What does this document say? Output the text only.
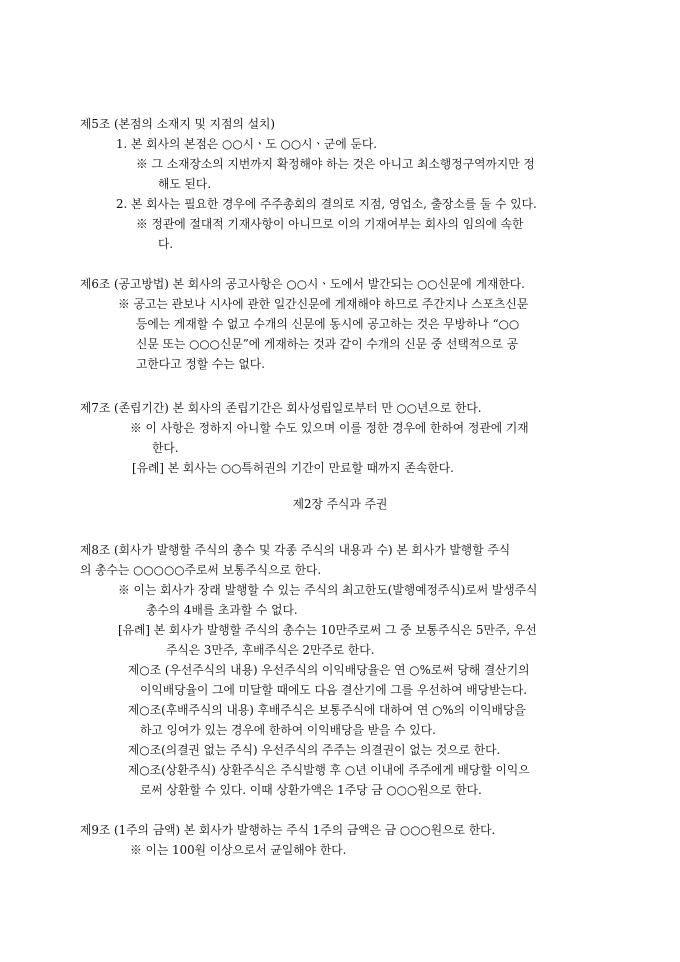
제5조 (본점의 소재지 및 지점의 설치)

1. 본 회사의 본점은 ○○시ㆍ도 ○○시ㆍ군에 둔다.

※ 그 소재장소의 지번까지 확정해야 하는 것은 아니고 최소행정구역까지만 정

해도 된다.

2. 본 회사는 필요한 경우에 주주총회의 결의로 지점, 영업소, 출장소를 둘 수 있다.

※ 정관에 절대적 기재사항이 아니므로 이의 기재여부는 회사의 임의에 속한

다.

제6조 (공고방법) 본 회사의 공고사항은 ○○시ㆍ도에서 발간되는 ○○신문에 게재한다.

※ 공고는 관보나 시사에 관한 일간신문에 게재해야 하므로 주간지나 스포츠신문

등에는 게재할 수 없고 수개의 신문에 동시에 공고하는 것은 무방하나 “○○

신문 또는 ○○○신문”에 게재하는 것과 같이 수개의 신문 중 선택적으로 공

고한다고 정할 수는 없다.

제7조 (존립기간) 본 회사의 존립기간은 회사성립일로부터 만 ○○년으로 한다.

※ 이 사항은 정하지 아니할 수도 있으며 이를 정한 경우에 한하여 정관에 기재

한다.

[유례] 본 회사는 ○○특허권의 기간이 만료할 때까지 존속한다.

제2장 주식과 주권

제8조 (회사가 발행할 주식의 총수 및 각종 주식의 내용과 수) 본 회사가 발행할 주식

의 총수는 ○○○○○주로써 보통주식으로 한다.

※ 이는 회사가 장래 발행할 수 있는 주식의 최고한도(발행예정주식)로써 발생주식

총수의 4배를 초과할 수 없다.

[유례] 본 회사가 발행할 주식의 총수는 10만주로써 그 중 보통주식은 5만주, 우선

주식은 3만주, 후배주식은 2만주로 한다.

제○조 (우선주식의 내용) 우선주식의 이익배당율은 연 ○%로써 당해 결산기의

이익배당율이 그에 미달할 때에도 다음 결산기에 그를 우선하여 배당받는다.

제○조(후배주식의 내용) 후배주식은 보통주식에 대하여 연 ○%의 이익배당을

하고 잉여가 있는 경우에 한하여 이익배당을 받을 수 있다.

제○조(의결권 없는 주식) 우선주식의 주주는 의결권이 없는 것으로 한다.

제○조(상환주식) 상환주식은 주식발행 후 ○년 이내에 주주에게 배당할 이익으

로써 상환할 수 있다. 이때 상환가액은 1주당 금 ○○○원으로 한다.

제9조 (1주의 금액) 본 회사가 발행하는 주식 1주의 금액은 금 ○○○원으로 한다.

※ 이는 100원 이상으로서 균일해야 한다.
